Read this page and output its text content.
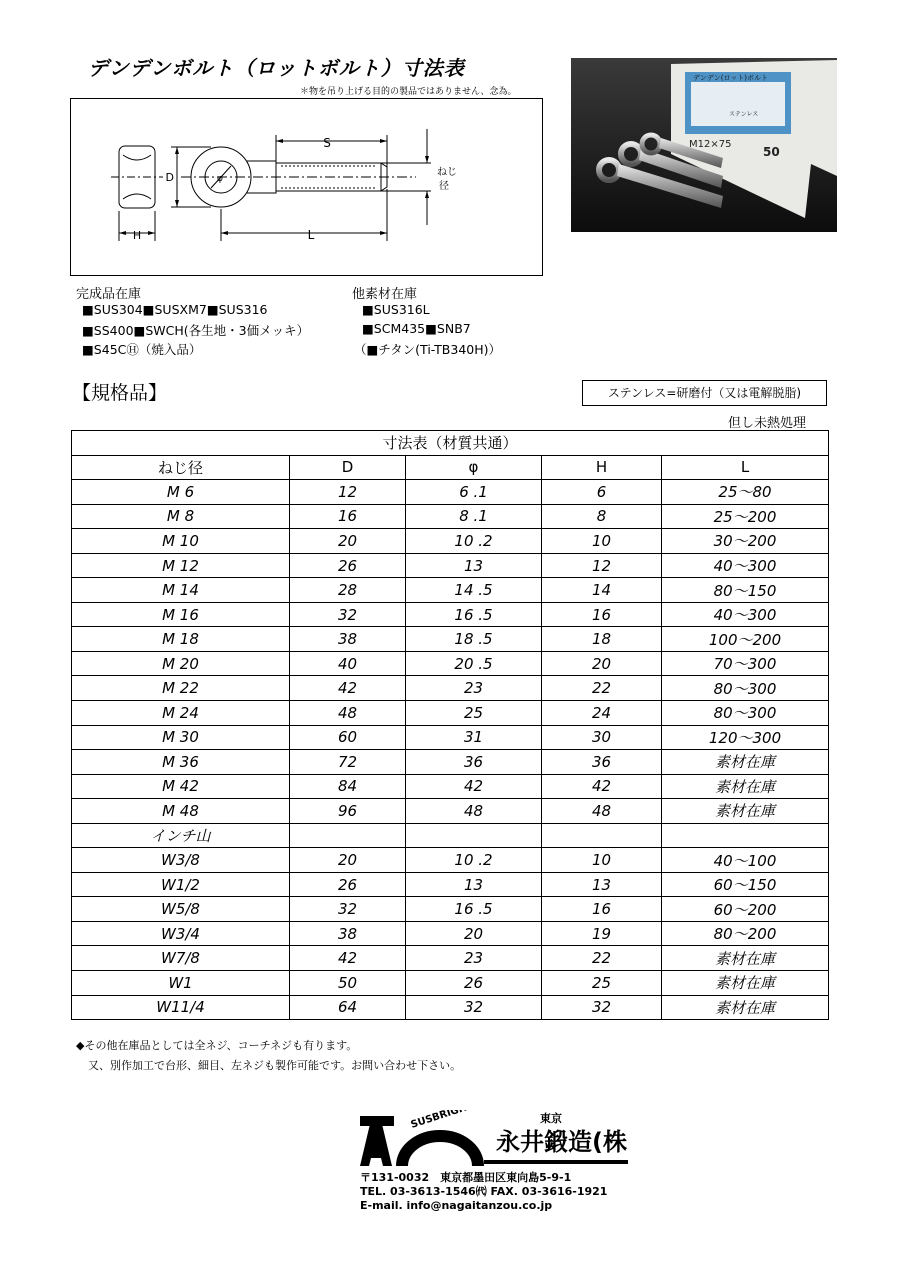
デンデンボルト（ロットボルト）寸法表
＊物を吊り上げる目的の製品ではありません、念為。
S
L
D
H
φ
ねじ
径
デンデン(ロット)ボルト
ステンレス
M12×75
50
完成品在庫
■SUS304■SUSXM7■SUS316
■SS400■SWCH(各生地・3価メッキ）
■S45CⒽ（焼入品）
他素材在庫
■SUS316L
■SCM435■SNB7
（■チタン(Ti-TB340H)）
【規格品】	ステンレス=研磨付（又は電解脱脂)
但し未熱処理
寸法表（材質共通）				
ねじ径	D	φ	H	L
M 6	12	6 .1	6	25～80
M 8	16	8 .1	8	25～200
M 10	20	10 .2	10	30～200
M 12	26	13	12	40～300
M 14	28	14 .5	14	80～150
M 16	32	16 .5	16	40～300
M 18	38	18 .5	18	100～200
M 20	40	20 .5	20	70～300
M 22	42	23	22	80～300
M 24	48	25	24	80～300
M 30	60	31	30	120～300
M 36	72	36	36	素材在庫
M 42	84	42	42	素材在庫
M 48	96	48	48	素材在庫
インチ山				
W3/8	20	10 .2	10	40～100
W1/2	26	13	13	60～150
W5/8	32	16 .5	16	60～200
W3/4	38	20	19	80～200
W7/8	42	23	22	素材在庫
W1	50	26	25	素材在庫
W11/4	64	32	32	素材在庫
◆その他在庫品としては全ネジ、コーチネジも有ります。
又、別作加工で台形、細目、左ネジも製作可能です。お問い合わせ下さい。
SUSBRIGHT	東京
永井鍛造(株)
〒131-0032　東京都墨田区東向島5-9-1
TEL. 03-3613-1546㈹ FAX. 03-3616-1921
E-mail. info@nagaitanzou.co.jp
